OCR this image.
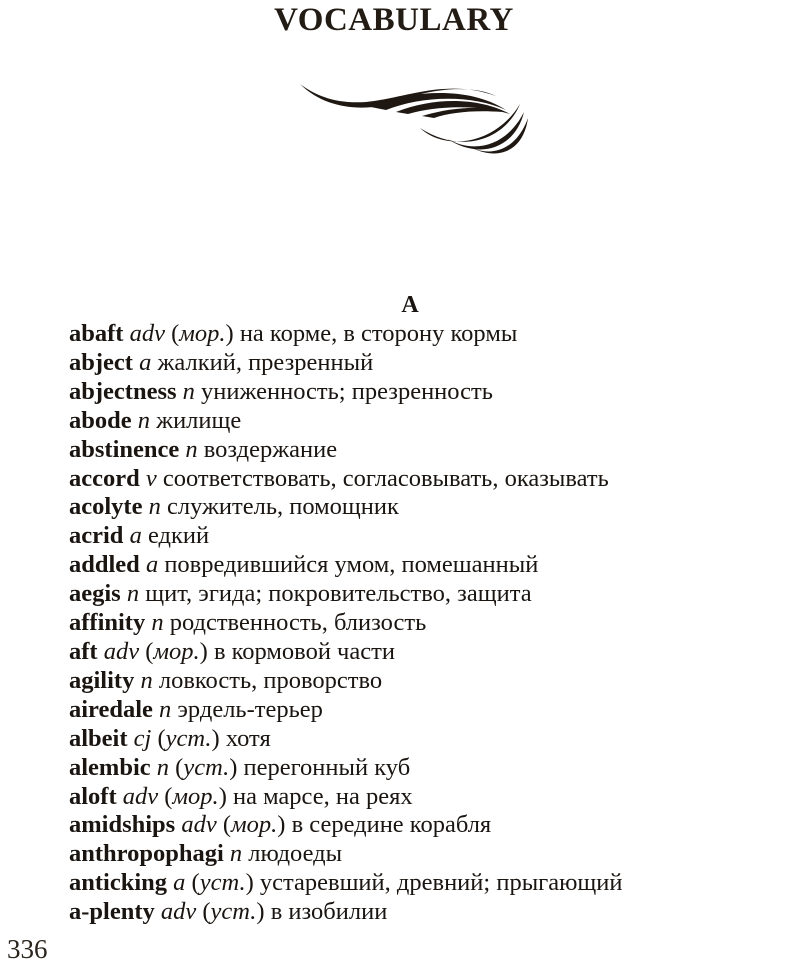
VOCABULARY
A
abaft adv (мор.) на корме, в сторону кормы
abject a жалкий, презренный
abjectness n униженность; презренность
abode n жилище
abstinence n воздержание
accord v соответствовать, согласовывать, оказывать
acolyte n служитель, помощник
acrid a едкий
addled a повредившийся умом, помешанный
aegis n щит, эгида; покровительство, защита
affinity n родственность, близость
aft adv (мор.) в кормовой части
agility n ловкость, проворство
airedale n эрдель-терьер
albeit cj (уст.) хотя
alembic n (уст.) перегонный куб
aloft adv (мор.) на марсе, на реях
amidships adv (мор.) в середине корабля
anthropophagi n людоеды
anticking a (уст.) устаревший, древний; прыгающий
a-plenty adv (уст.) в изобилии
336
